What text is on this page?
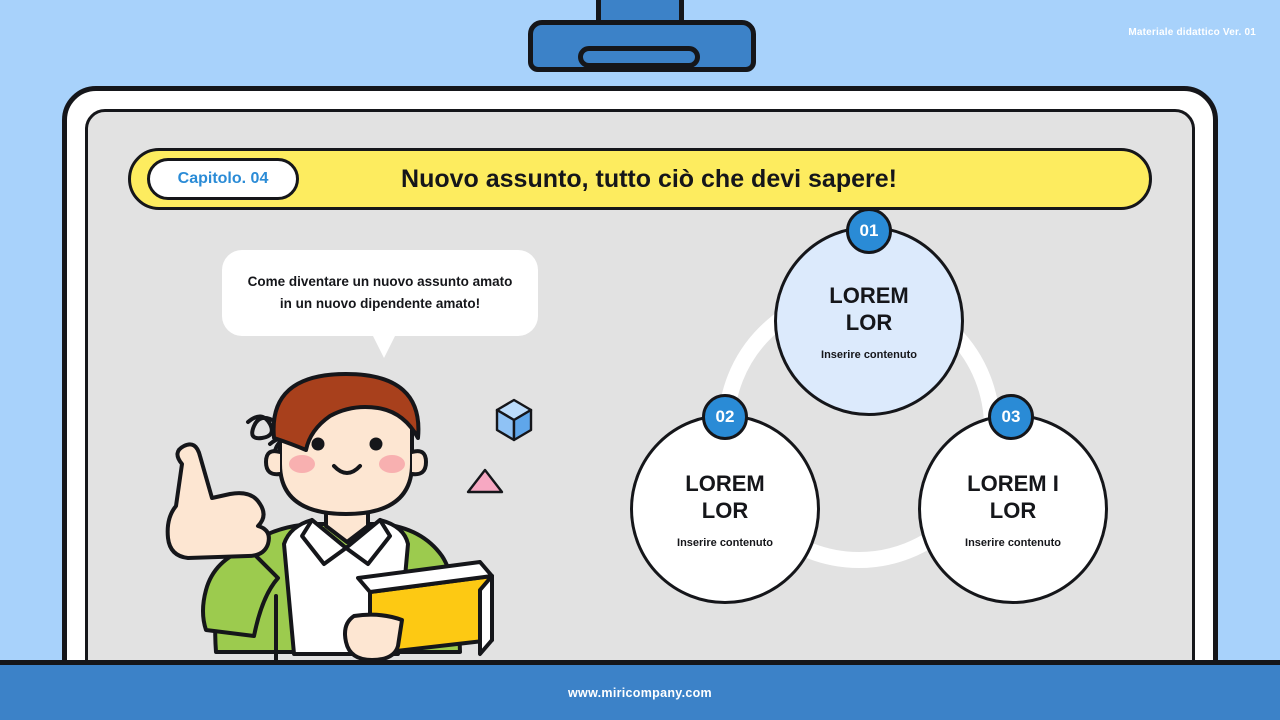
Materiale didattico Ver. 01
Capitolo. 04	Nuovo assunto, tutto ciò che devi sapere!
Come diventare un nuovo assunto amato
in un nuovo dipendente amato!	LOREM LOR
Inserire contenuto
01
LOREM LOR
Inserire contenuto
02
LOREM I LOR
Inserire contenuto
03
www.miricompany.com
